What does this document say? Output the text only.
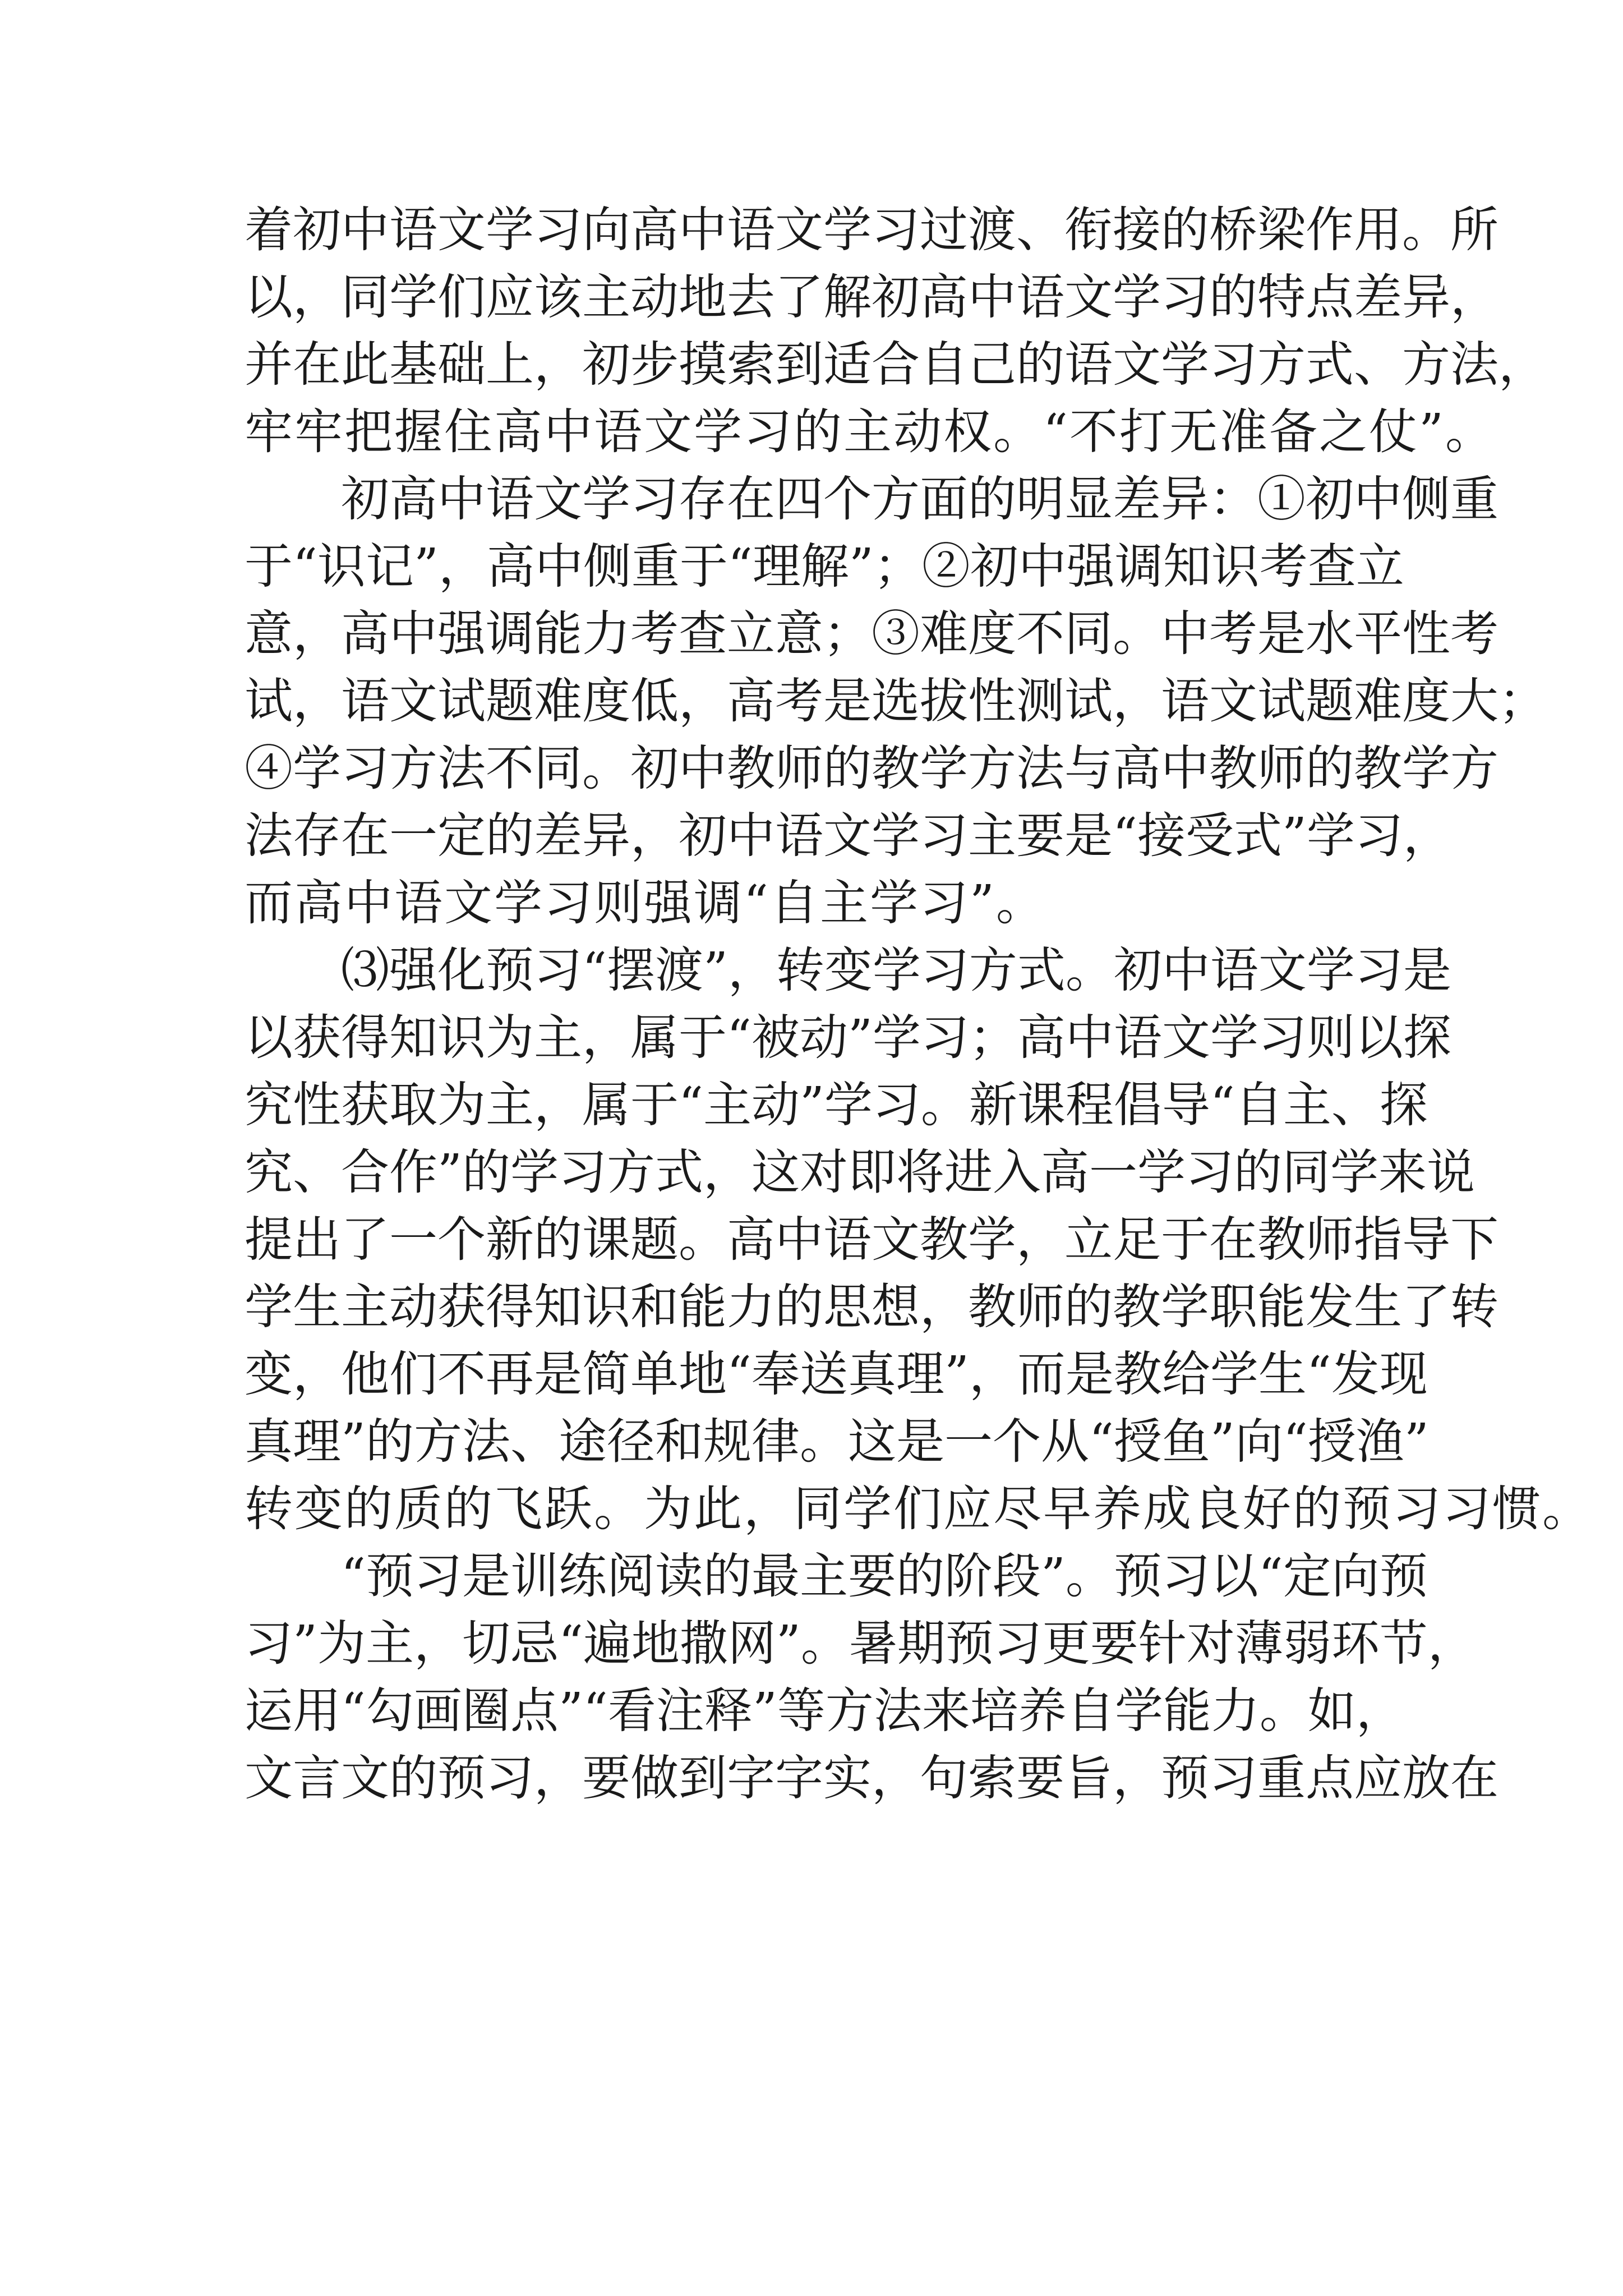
着初中语文学习向高中语文学习过渡、衔接的桥梁作用。所
以，同学们应该主动地去了解初高中语文学习的特点差异，
并在此基础上，初步摸索到适合自己的语文学习方式、方法，
牢牢把握住高中语文学习的主动权。“不打无准备之仗”。
初高中语文学习存在四个方面的明显差异：①初中侧重
于“识记”，高中侧重于“理解”；②初中强调知识考查立
意，高中强调能力考查立意；③难度不同。中考是水平性考
试，语文试题难度低，高考是选拔性测试，语文试题难度大；
④学习方法不同。初中教师的教学方法与高中教师的教学方
法存在一定的差异，初中语文学习主要是“接受式”学习，
而高中语文学习则强调“自主学习”。
⑶强化预习“摆渡”，转变学习方式。初中语文学习是
以获得知识为主，属于“被动”学习；高中语文学习则以探
究性获取为主，属于“主动”学习。新课程倡导“自主、探
究、合作”的学习方式，这对即将进入高一学习的同学来说
提出了一个新的课题。高中语文教学，立足于在教师指导下
学生主动获得知识和能力的思想，教师的教学职能发生了转
变，他们不再是简单地“奉送真理”，而是教给学生“发现
真理”的方法、途径和规律。这是一个从“授鱼”向“授渔”
转变的质的飞跃。为此，同学们应尽早养成良好的预习习惯。
“预习是训练阅读的最主要的阶段”。预习以“定向预
习”为主，切忌“遍地撒网”。暑期预习更要针对薄弱环节，
运用“勾画圈点”“看注释”等方法来培养自学能力。如，
文言文的预习，要做到字字实，句索要旨，预习重点应放在
